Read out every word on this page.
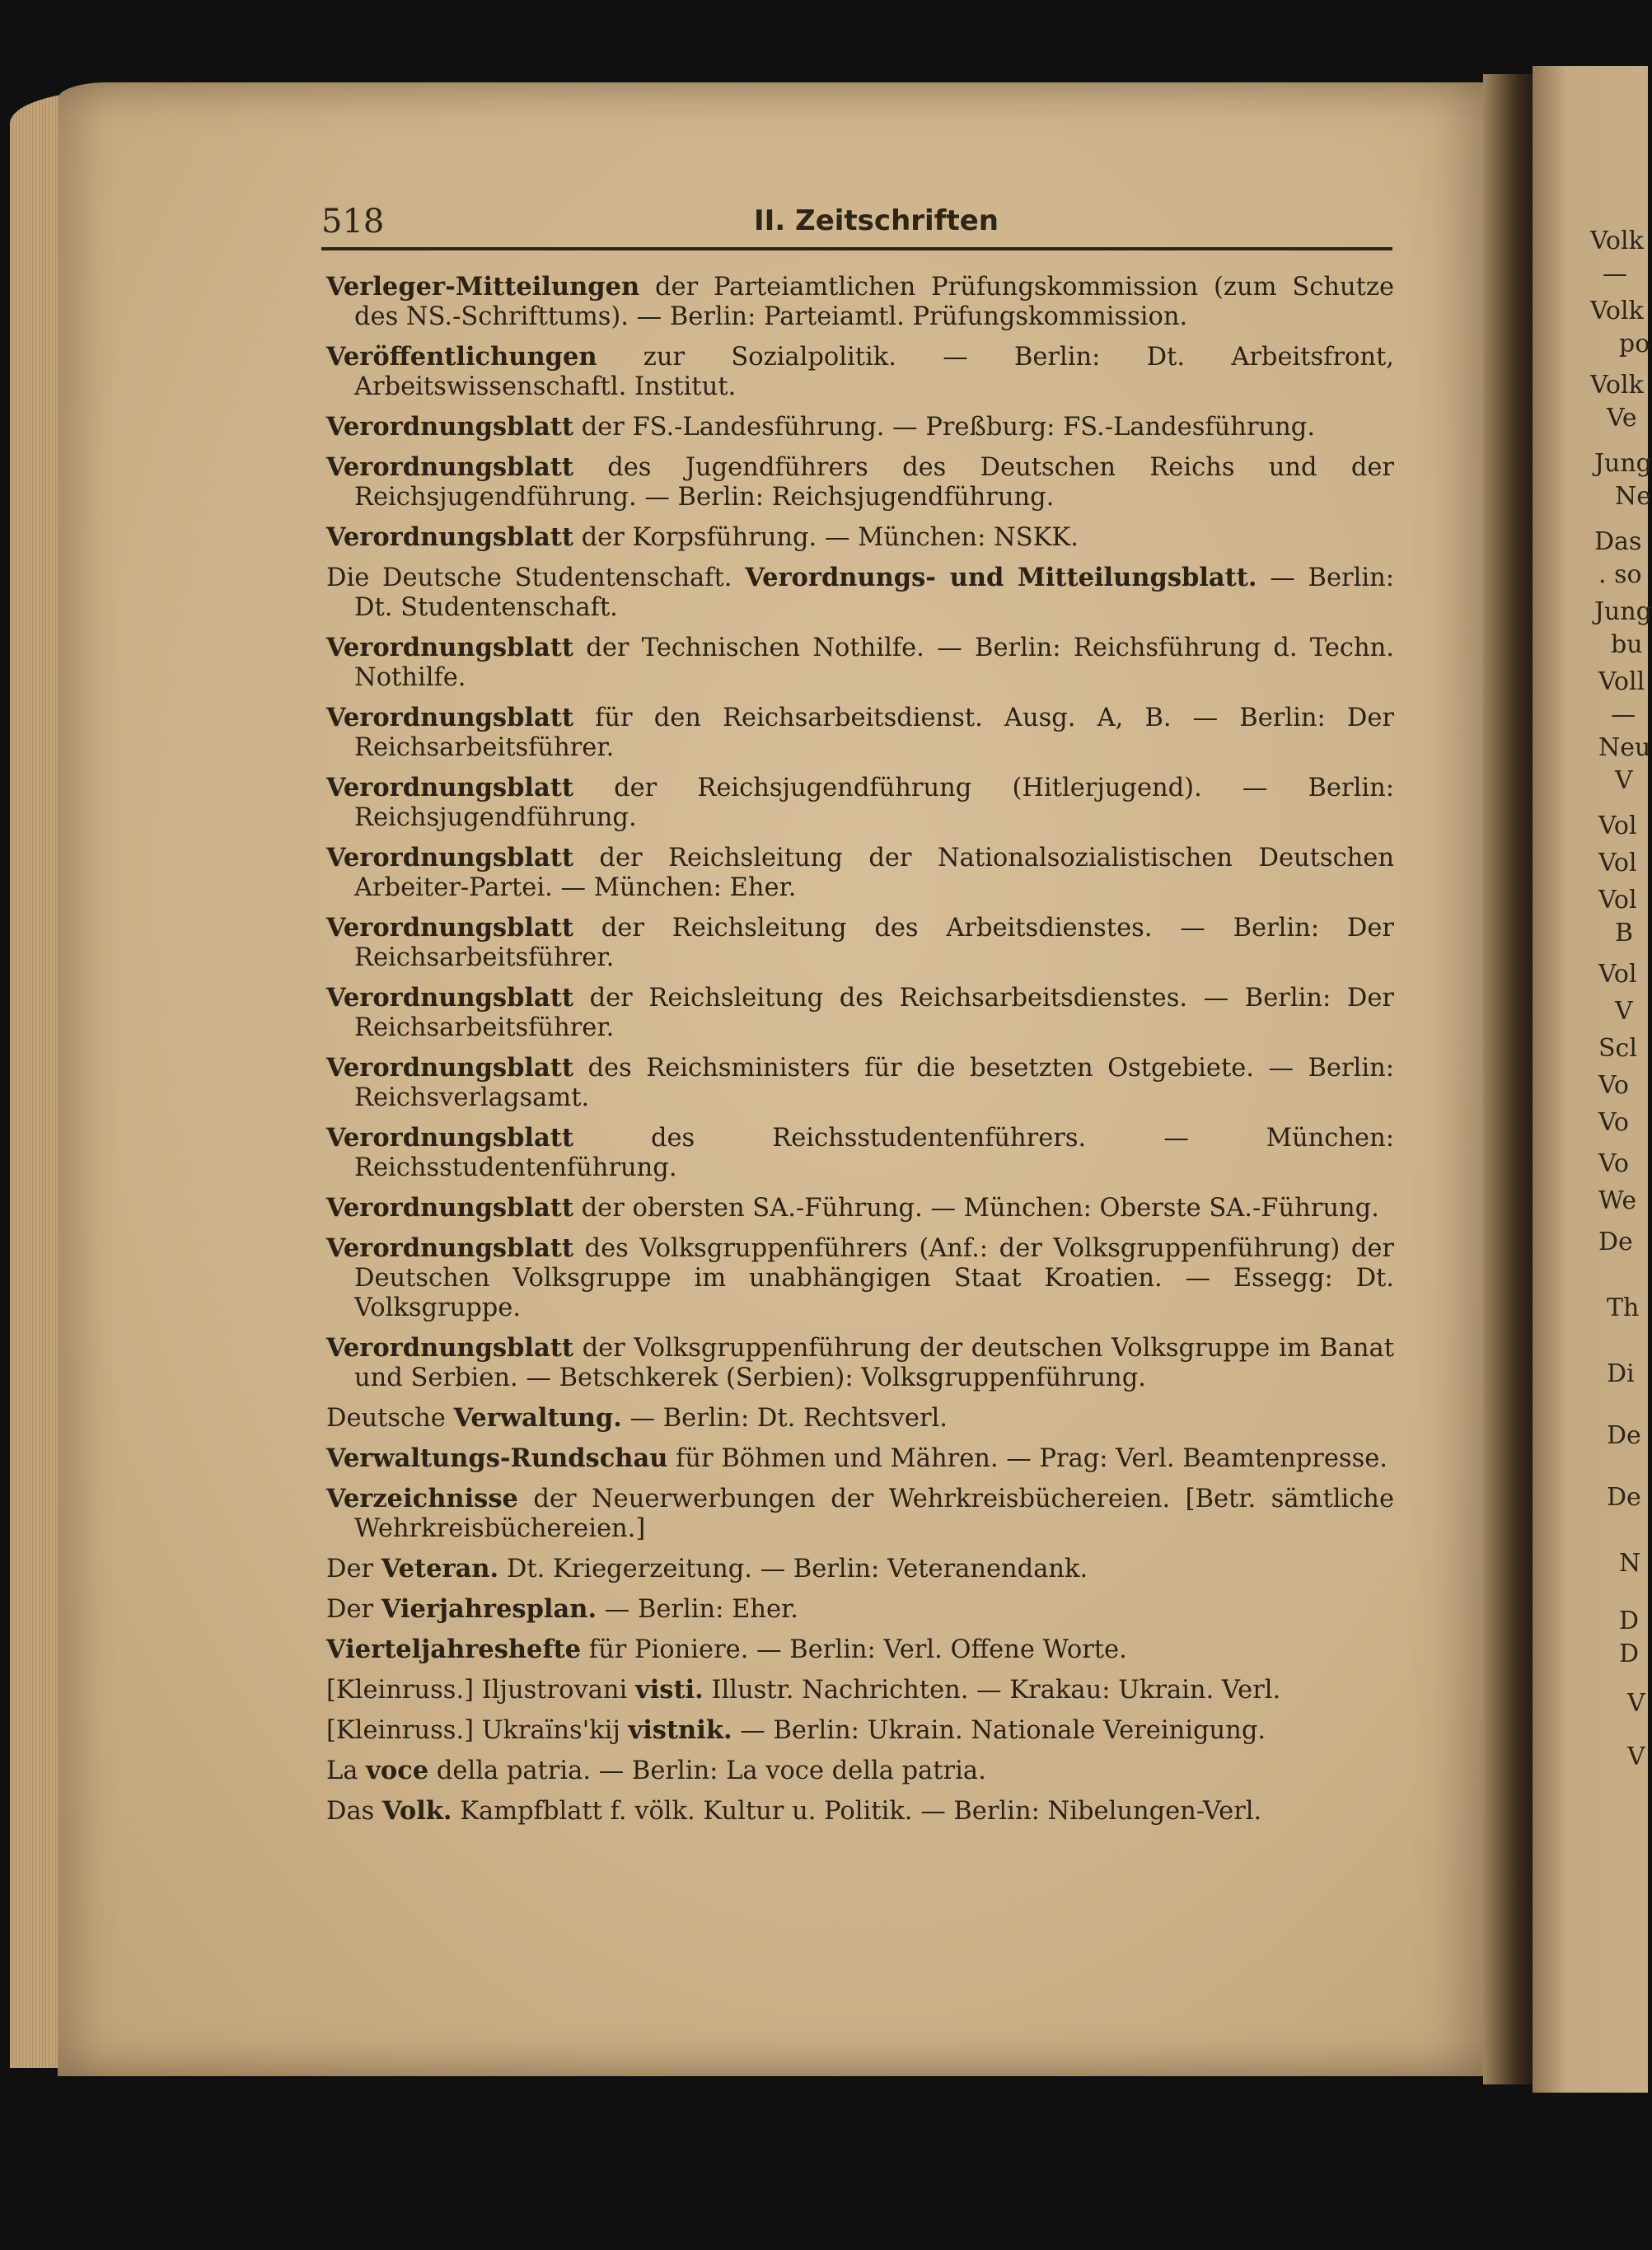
Volk
—
Volk
po
Volk
Ve
Jung
Ne
Das
. so
Jung
bu
Voll
—
Neu
V
Vol
Vol
Vol
B
Vol
V
Scl
Vo
Vo
Vo
We
De
Th
Di
De
De
N
D
D
V
V
518	II. Zeitschriften
Verleger-Mitteilungen der Parteiamtlichen Prüfungskommission (zum Schutze des NS.-Schrifttums). — Berlin: Parteiamtl. Prüfungskommission.
Veröffentlichungen zur Sozialpolitik. — Berlin: Dt. Arbeitsfront, Arbeitswissenschaftl. Institut.
Verordnungsblatt der FS.-Landesführung. — Preßburg: FS.-Landesführung.
Verordnungsblatt des Jugendführers des Deutschen Reichs und der Reichsjugendführung. — Berlin: Reichsjugendführung.
Verordnungsblatt der Korpsführung. — München: NSKK.
Die Deutsche Studentenschaft. Verordnungs- und Mitteilungsblatt. — Berlin: Dt. Studentenschaft.
Verordnungsblatt der Technischen Nothilfe. — Berlin: Reichsführung d. Techn. Nothilfe.
Verordnungsblatt für den Reichsarbeitsdienst. Ausg. A, B. — Berlin: Der Reichsarbeitsführer.
Verordnungsblatt der Reichsjugendführung (Hitlerjugend). — Berlin: Reichsjugendführung.
Verordnungsblatt der Reichsleitung der Nationalsozialistischen Deutschen Arbeiter-Partei. — München: Eher.
Verordnungsblatt der Reichsleitung des Arbeitsdienstes. — Berlin: Der Reichsarbeitsführer.
Verordnungsblatt der Reichsleitung des Reichsarbeitsdienstes. — Berlin: Der Reichsarbeitsführer.
Verordnungsblatt des Reichsministers für die besetzten Ostgebiete. — Berlin: Reichsverlagsamt.
Verordnungsblatt des Reichsstudentenführers. — München: Reichsstudentenführung.
Verordnungsblatt der obersten SA.-Führung. — München: Oberste SA.-Führung.
Verordnungsblatt des Volksgruppenführers (Anf.: der Volksgruppenführung) der Deutschen Volksgruppe im unabhängigen Staat Kroatien. — Essegg: Dt. Volksgruppe.
Verordnungsblatt der Volksgruppenführung der deutschen Volksgruppe im Banat und Serbien. — Betschkerek (Serbien): Volksgruppenführung.
Deutsche Verwaltung. — Berlin: Dt. Rechtsverl.
Verwaltungs-Rundschau für Böhmen und Mähren. — Prag: Verl. Beamtenpresse.
Verzeichnisse der Neuerwerbungen der Wehrkreisbüchereien. [Betr. sämtliche Wehrkreisbüchereien.]
Der Veteran. Dt. Kriegerzeitung. — Berlin: Veteranendank.
Der Vierjahresplan. — Berlin: Eher.
Vierteljahreshefte für Pioniere. — Berlin: Verl. Offene Worte.
[Kleinruss.] Iljustrovani visti. Illustr. Nachrichten. — Krakau: Ukrain. Verl.
[Kleinruss.] Ukraïns'kij vistnik. — Berlin: Ukrain. Nationale Vereinigung.
La voce della patria. — Berlin: La voce della patria.
Das Volk. Kampfblatt f. völk. Kultur u. Politik. — Berlin: Nibelungen-Verl.
